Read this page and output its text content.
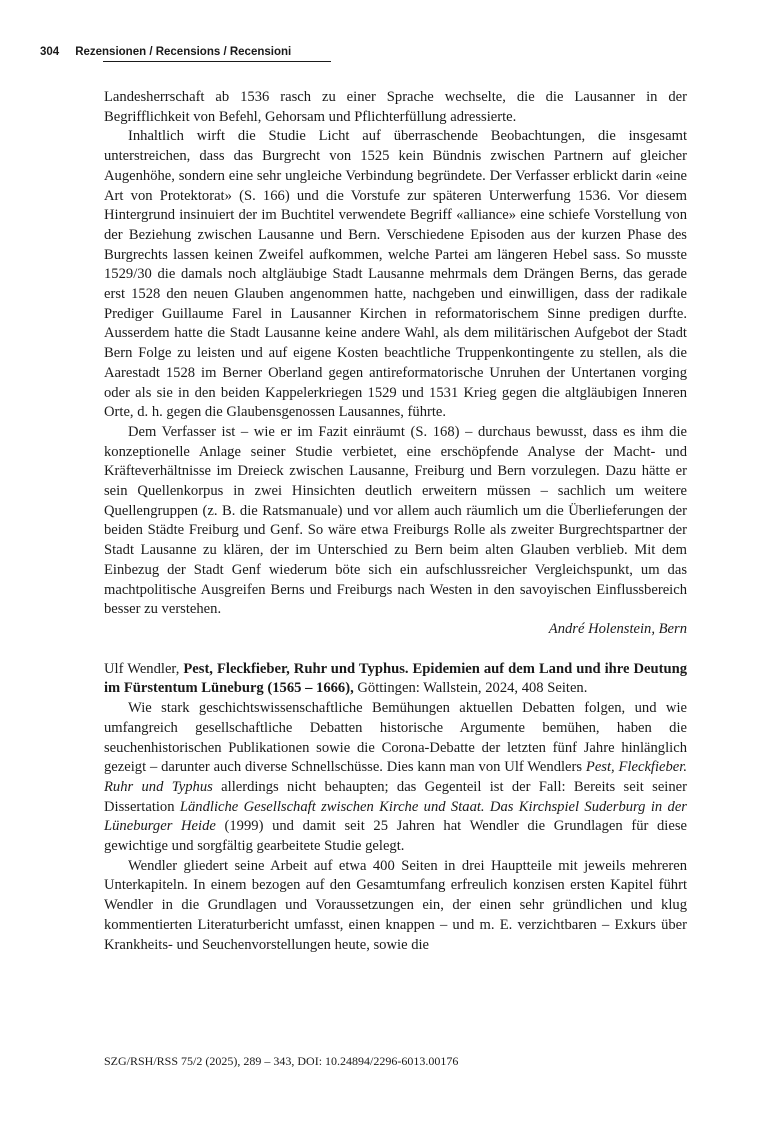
304 Rezensionen / Recensions / Recensioni

Landesherrschaft ab 1536 rasch zu einer Sprache wechselte, die die Lausanner in der Begrifflichkeit von Befehl, Gehorsam und Pflichterfüllung adressierte.

Inhaltlich wirft die Studie Licht auf überraschende Beobachtungen, die insgesamt unterstreichen, dass das Burgrecht von 1525 kein Bündnis zwischen Partnern auf gleicher Augenhöhe, sondern eine sehr ungleiche Verbindung begründete. Der Verfasser erblickt darin «eine Art von Protektorat» (S. 166) und die Vorstufe zur späteren Unterwerfung 1536. Vor diesem Hintergrund insinuiert der im Buchtitel verwendete Begriff «alliance» eine schiefe Vorstellung von der Beziehung zwischen Lausanne und Bern. Verschiedene Episoden aus der kurzen Phase des Burgrechts lassen keinen Zweifel aufkommen, welche Partei am längeren Hebel sass. So musste 1529/30 die damals noch altgläubige Stadt Lausanne mehrmals dem Drängen Berns, das gerade erst 1528 den neuen Glauben angenommen hatte, nachgeben und einwilligen, dass der radikale Prediger Guillaume Farel in Lausanner Kirchen in reformatorischem Sinne predigen durfte. Ausserdem hatte die Stadt Lausanne keine andere Wahl, als dem militärischen Aufgebot der Stadt Bern Folge zu leisten und auf eigene Kosten beachtliche Truppenkontingente zu stellen, als die Aarestadt 1528 im Berner Oberland gegen antireformatorische Unruhen der Untertanen vorging oder als sie in den beiden Kappelerkriegen 1529 und 1531 Krieg gegen die altgläubigen Inneren Orte, d. h. gegen die Glaubensgenossen Lausannes, führte.

Dem Verfasser ist – wie er im Fazit einräumt (S. 168) – durchaus bewusst, dass es ihm die konzeptionelle Anlage seiner Studie verbietet, eine erschöpfende Analyse der Macht- und Kräfteverhältnisse im Dreieck zwischen Lausanne, Freiburg und Bern vorzulegen. Dazu hätte er sein Quellenkorpus in zwei Hinsichten deutlich erweitern müssen – sachlich um weitere Quellengruppen (z. B. die Ratsmanuale) und vor allem auch räumlich um die Überlieferungen der beiden Städte Freiburg und Genf. So wäre etwa Freiburgs Rolle als zweiter Burgrechtspartner der Stadt Lausanne zu klären, der im Unterschied zu Bern beim alten Glauben verblieb. Mit dem Einbezug der Stadt Genf wiederum böte sich ein aufschlussreicher Vergleichspunkt, um das machtpolitische Ausgreifen Berns und Freiburgs nach Westen in den savoyischen Einflussbereich besser zu verstehen.

André Holenstein, Bern

Ulf Wendler, Pest, Fleckfieber, Ruhr und Typhus. Epidemien auf dem Land und ihre Deutung im Fürstentum Lüneburg (1565 – 1666), Göttingen: Wallstein, 2024, 408 Seiten.

Wie stark geschichtswissenschaftliche Bemühungen aktuellen Debatten folgen, und wie umfangreich gesellschaftliche Debatten historische Argumente bemühen, haben die seuchenhistorischen Publikationen sowie die Corona-Debatte der letzten fünf Jahre hinlänglich gezeigt – darunter auch diverse Schnellschüsse. Dies kann man von Ulf Wendlers Pest, Fleckfieber. Ruhr und Typhus allerdings nicht behaupten; das Gegenteil ist der Fall: Bereits seit seiner Dissertation Ländliche Gesellschaft zwischen Kirche und Staat. Das Kirchspiel Suderburg in der Lüneburger Heide (1999) und damit seit 25 Jahren hat Wendler die Grundlagen für diese gewichtige und sorgfältig gearbeitete Studie gelegt.

Wendler gliedert seine Arbeit auf etwa 400 Seiten in drei Hauptteile mit jeweils mehreren Unterkapiteln. In einem bezogen auf den Gesamtumfang erfreulich konzisen ersten Kapitel führt Wendler in die Grundlagen und Voraussetzungen ein, der einen sehr gründlichen und klug kommentierten Literaturbericht umfasst, einen knappen – und m. E. verzichtbaren – Exkurs über Krankheits- und Seuchenvorstellungen heute, sowie die

SZG/RSH/RSS 75/2 (2025), 289 – 343, DOI: 10.24894/2296-6013.00176
